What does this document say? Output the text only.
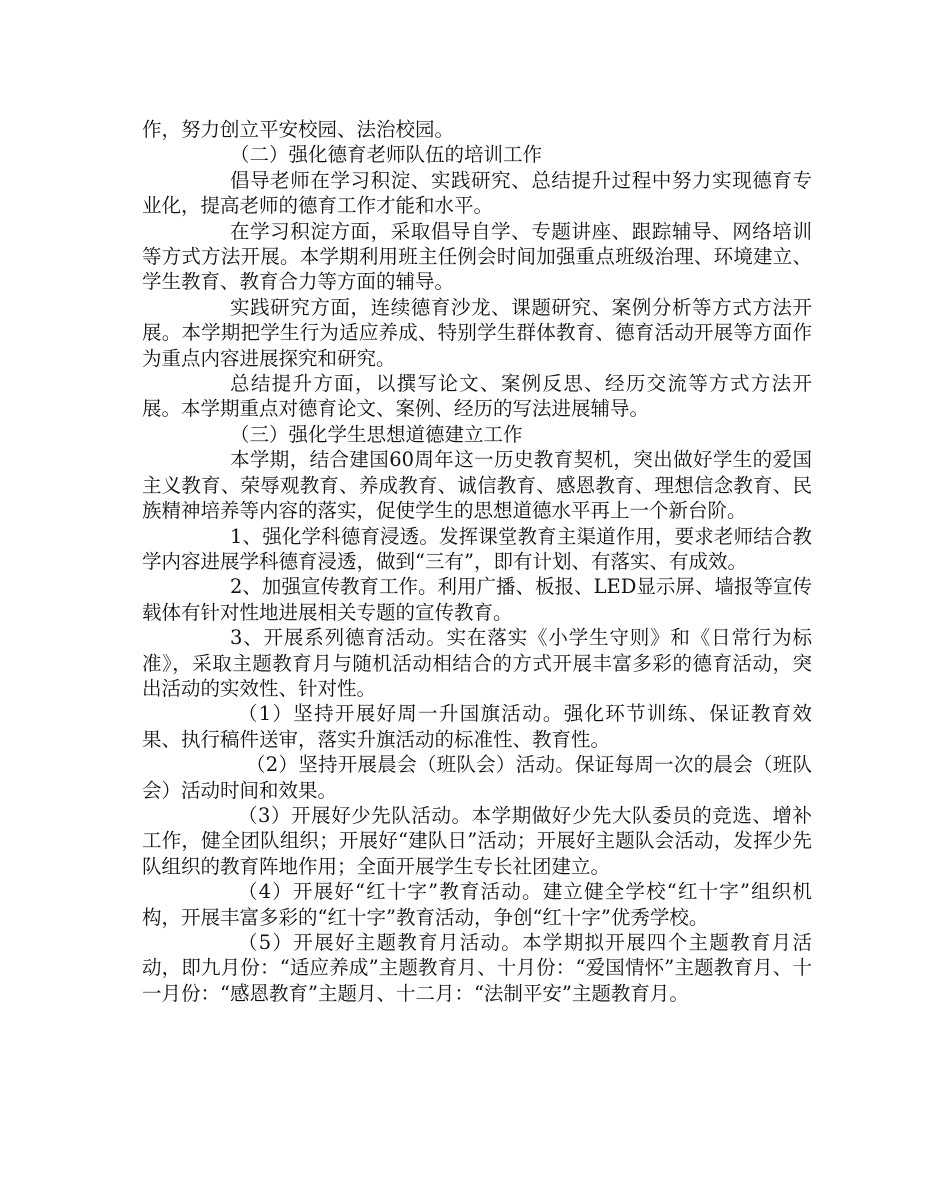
作，努力创立平安校园、法治校园。

（二）强化德育老师队伍的培训工作

倡导老师在学习积淀、实践研究、总结提升过程中努力实现德育专业化，提高老师的德育工作才能和水平。

在学习积淀方面，采取倡导自学、专题讲座、跟踪辅导、网络培训等方式方法开展。本学期利用班主任例会时间加强重点班级治理、环境建立、学生教育、教育合力等方面的辅导。

实践研究方面，连续德育沙龙、课题研究、案例分析等方式方法开展。本学期把学生行为适应养成、特别学生群体教育、德育活动开展等方面作为重点内容进展探究和研究。

总结提升方面，以撰写论文、案例反思、经历交流等方式方法开展。本学期重点对德育论文、案例、经历的写法进展辅导。

（三）强化学生思想道德建立工作

本学期，结合建国60周年这一历史教育契机，突出做好学生的爱国主义教育、荣辱观教育、养成教育、诚信教育、感恩教育、理想信念教育、民族精神培养等内容的落实，促使学生的思想道德水平再上一个新台阶。

1、强化学科德育浸透。发挥课堂教育主渠道作用，要求老师结合教学内容进展学科德育浸透，做到“三有”，即有计划、有落实、有成效。

2、加强宣传教育工作。利用广播、板报、LED显示屏、墙报等宣传载体有针对性地进展相关专题的宣传教育。

3、开展系列德育活动。实在落实《小学生守则》和《日常行为标准》，采取主题教育月与随机活动相结合的方式开展丰富多彩的德育活动，突出活动的实效性、针对性。

（1）坚持开展好周一升国旗活动。强化环节训练、保证教育效果、执行稿件送审，落实升旗活动的标准性、教育性。

（2）坚持开展晨会（班队会）活动。保证每周一次的晨会（班队会）活动时间和效果。

（3）开展好少先队活动。本学期做好少先大队委员的竞选、增补工作，健全团队组织；开展好“建队日”活动；开展好主题队会活动，发挥少先队组织的教育阵地作用；全面开展学生专长社团建立。

（4）开展好“红十字”教育活动。建立健全学校“红十字”组织机构，开展丰富多彩的“红十字”教育活动，争创“红十字”优秀学校。

（5）开展好主题教育月活动。本学期拟开展四个主题教育月活动，即九月份：“适应养成”主题教育月、十月份：“爱国情怀”主题教育月、十一月份：“感恩教育”主题月、十二月：“法制平安”主题教育月。
